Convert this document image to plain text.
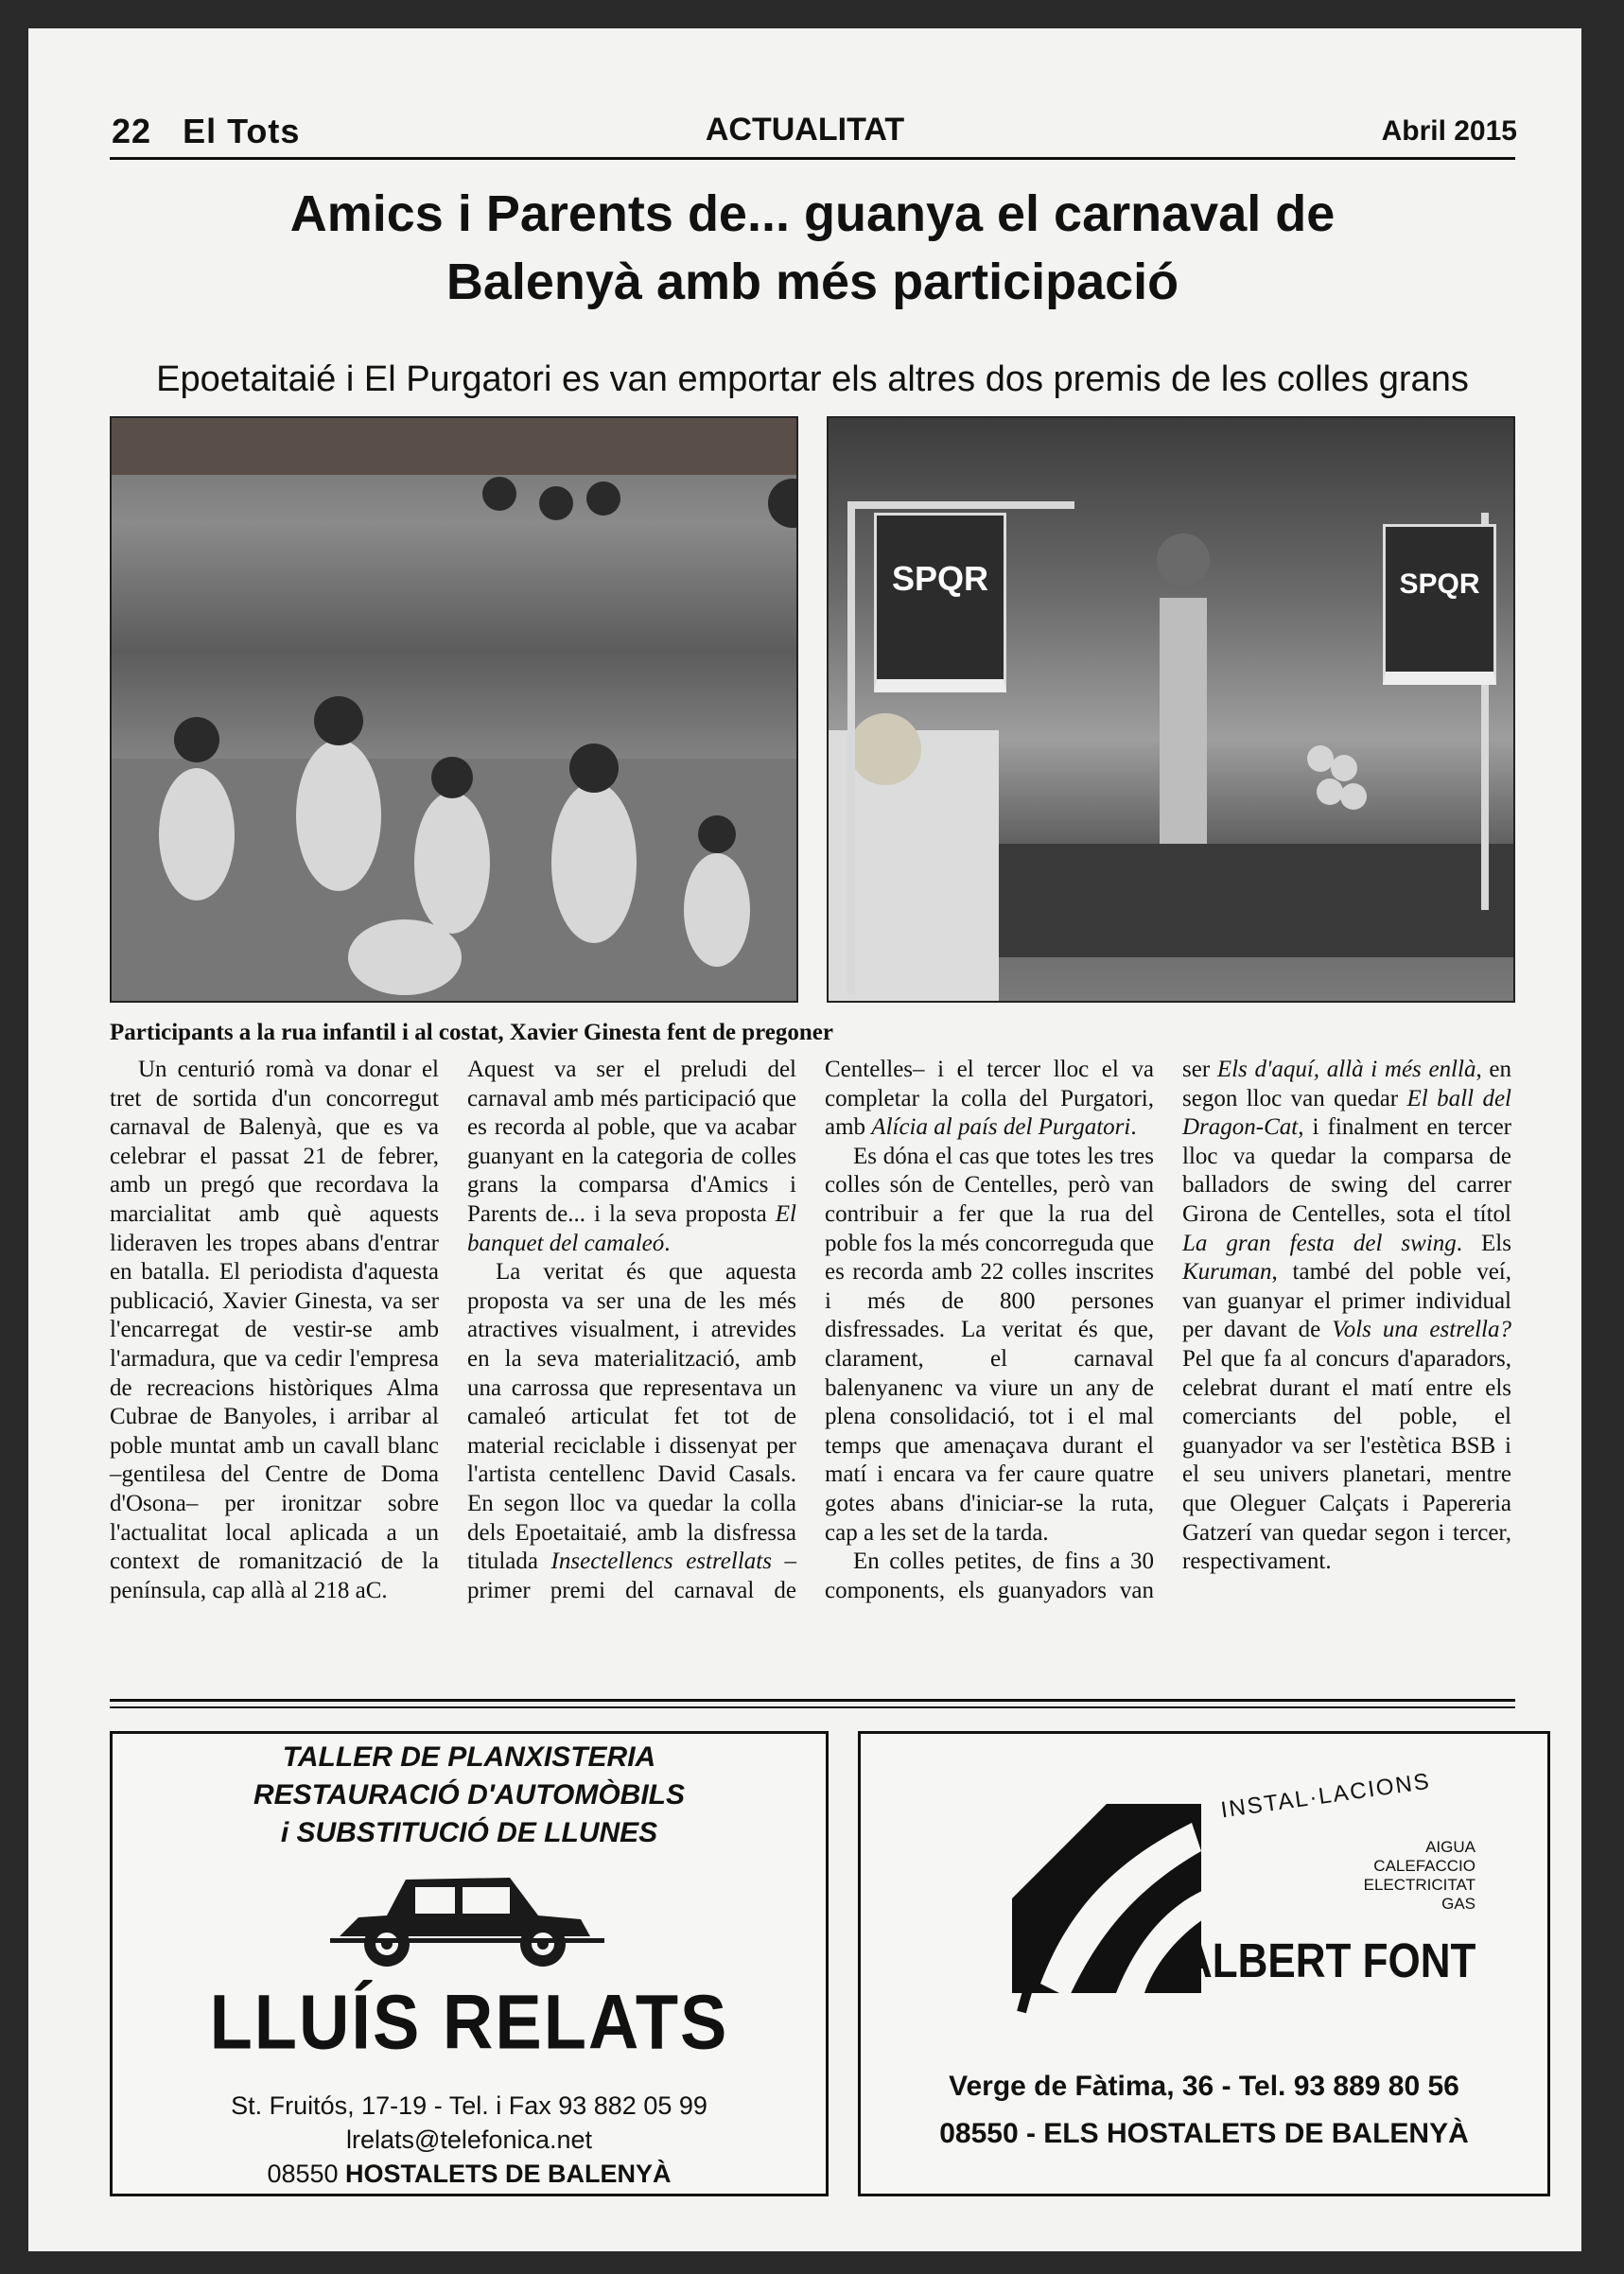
22 El Tots	ACTUALITAT	Abril 2015
Amics i Parents de... guanya el carnaval de
Balenyà amb més participació
Epoetaitaié i El Purgatori es van emportar els altres dos premis de les colles grans
SPQR	SPQR
Participants a la rua infantil i al costat, Xavier Ginesta fent de pregoner

Un centurió romà va donar el tret de sortida d'un concorregut carnaval de Balenyà, que es va celebrar el passat 21 de febrer, amb un pregó que recordava la marcialitat amb què aquests lideraven les tropes abans d'entrar en batalla. El periodista d'aquesta publicació, Xavier Ginesta, va ser l'encarregat de vestir-se amb l'armadura, que va cedir l'empresa de recreacions històriques Alma Cubrae de Banyoles, i arribar al poble muntat amb un cavall blanc –gentilesa del Centre de Doma d'Osona– per ironitzar sobre l'actualitat local aplicada a un context de romanització de la península, cap allà al 218 aC.

Aquest va ser el preludi del carnaval amb més participació que es recorda al poble, que va acabar guanyant en la categoria de colles grans la comparsa d'Amics i Parents de... i la seva proposta El banquet del camaleó.

La veritat és que aquesta proposta va ser una de les més atractives visualment, i atrevides en la seva materialització, amb una carrossa que representava un camaleó articulat fet tot de material reciclable i dissenyat per l'artista centellenc David Casals. En segon lloc va quedar la colla dels Epoetaitaié, amb la disfressa titulada Insectellencs estrellats –primer premi del carnaval de Centelles– i el tercer lloc el va completar la colla del Purgatori, amb Alícia al país del Purgatori.

Es dóna el cas que totes les tres colles són de Centelles, però van contribuir a fer que la rua del poble fos la més concorreguda que es recorda amb 22 colles inscrites i més de 800 persones disfressades. La veritat és que, clarament, el carnaval balenyanenc va viure un any de plena consolidació, tot i el mal temps que amenaçava durant el matí i encara va fer caure quatre gotes abans d'iniciar-se la ruta, cap a les set de la tarda.

En colles petites, de fins a 30 components, els guanyadors van ser Els d'aquí, allà i més enllà, en segon lloc van quedar El ball del Dragon-Cat, i finalment en tercer lloc va quedar la comparsa de balladors de swing del carrer Girona de Centelles, sota el títol La gran festa del swing. Els Kuruman, també del poble veí, van guanyar el primer individual per davant de Vols una estrella? Pel que fa al concurs d'aparadors, celebrat durant el matí entre els comerciants del poble, el guanyador va ser l'estètica BSB i el seu univers planetari, mentre que Oleguer Calçats i Papereria Gatzerí van quedar segon i tercer, respectivament.

TALLER DE PLANXISTERIA
RESTAURACIÓ D'AUTOMÒBILS
i SUBSTITUCIÓ DE LLUNES
LLUÍS RELATS
St. Fruitós, 17-19 - Tel. i Fax 93 882 05 99
lrelats@telefonica.net
08550 HOSTALETS DE BALENYÀ
INSTAL·LACIONS
AIGUA
CALEFACCIO
ELECTRICITAT
GAS
ALBERT FONT
Verge de Fàtima, 36 - Tel. 93 889 80 56
08550 - ELS HOSTALETS DE BALENYÀ
